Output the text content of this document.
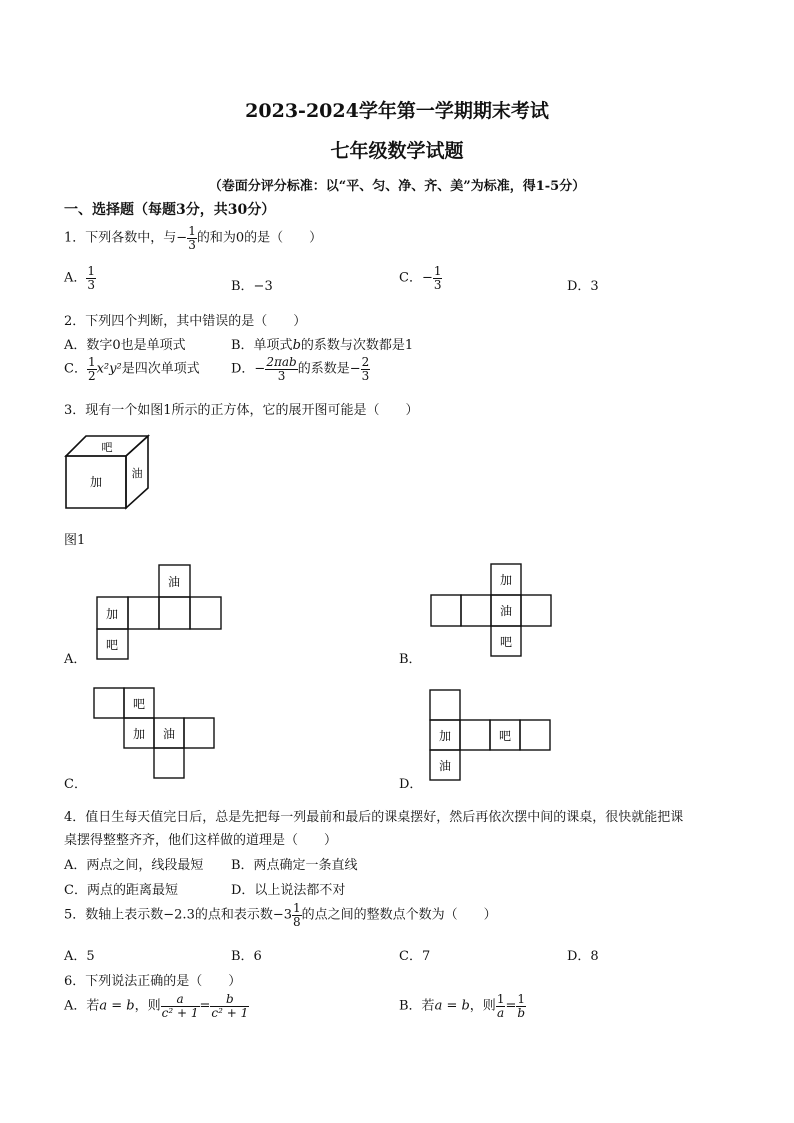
2023-2024学年第一学期期末考试
七年级数学试题
（卷面分评分标准：以“平、匀、净、齐、美”为标准，得1-5分）
一、选择题（每题3分，共30分）
1．下列各数中，与− $\frac{1}{3}$ 的和为0的是（　　）
A． $\frac{1}{3}$	B．−3
C．− $\frac{1}{3}$	D．3
2．下列四个判断，其中错误的是（　　）
A．数字0也是单项式	B．单项式b的系数与次数都是1
C． $\frac{1}{2} x^2y^2$是四次单项式 D．− $\frac{\text{2πab}}{3}$ 的系数是− $\frac{2}{3}$
3．现有一个如图1所示的正方体，它的展开图可能是（　　）
吧
加
油
图1
油
加
吧
A．
加
油
吧
B．
吧
加 油
C．
加	吧
油
D．
4．值日生每天值完日后，总是先把每一列最前和最后的课桌摆好，然后再依次摆中间的课桌，很快就能把课
桌摆得整整齐齐，他们这样做的道理是（　　）
A．两点之间，线段最短 B．两点确定一条直线
C．两点的距离最短	D．以上说法都不对
5．数轴上表示数−2.3的点和表示数$-3 \frac{1}{8}$ 的点之间的整数点个数为（　　）
A．5	B．6	C．7	D．8
6．下列说法正确的是（　　）
A．若a = b，则 $\frac{a}{\text{c² + 1}} = \frac{b}{\text{c² + 1}}$	B．若a = b，则 $\frac{1}{a} = \frac{1}{b}$
